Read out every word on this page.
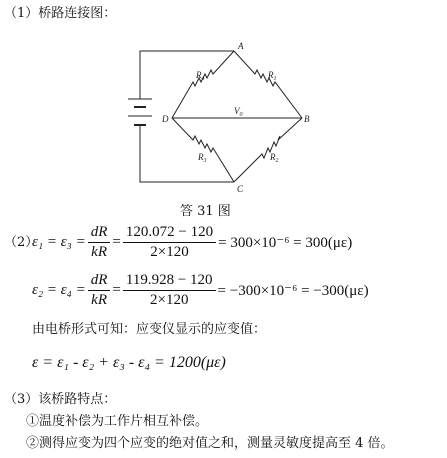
（1）桥路连接图：
A
B
C
D
$R_4$	$R_1$
$R_3$	$R_2$
$V_0$
答 31 图
（2）
$\varepsilon_1 = \varepsilon_3 = \frac{dR}{kR} = \frac{120.072 - 120}{2\times 120} = 300\times 10^{-6} = 300(\mu\varepsilon)$
$\varepsilon_2 = \varepsilon_4 = \frac{dR}{kR} = \frac{119.928 - 120}{2\times 120} = -300\times 10^{-6} = -300(\mu\varepsilon)$
由电桥形式可知：应变仪显示的应变值：
ε = ε₁ - ε₂ + ε₃ - ε₄ = 1200(με)
（3）该桥路特点：
①温度补偿为工作片相互补偿。
②测得应变为四个应变的绝对值之和，测量灵敏度提高至 4 倍。
